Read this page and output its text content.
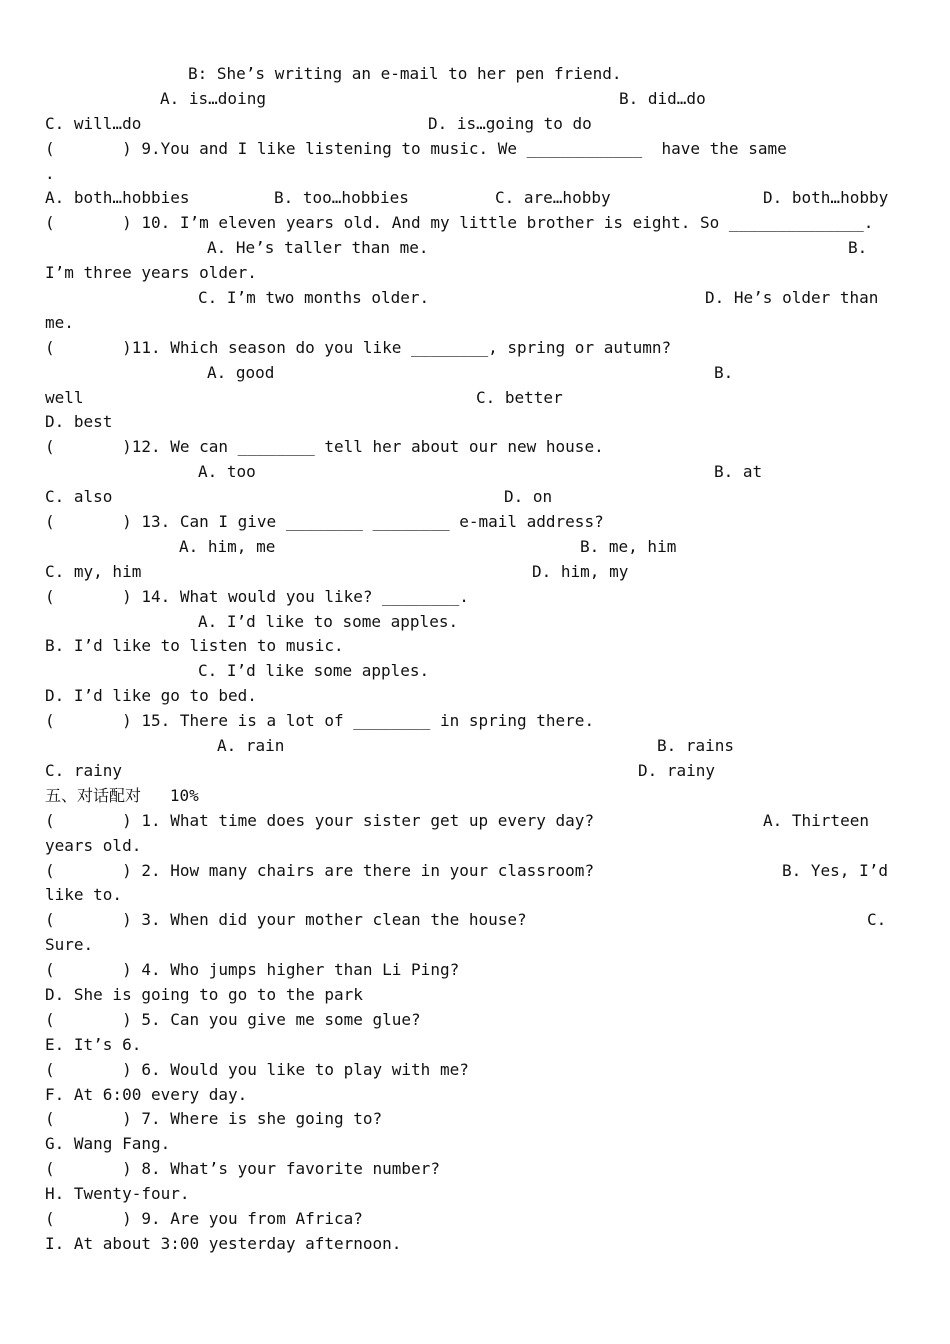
B: She’s writing an e-mail to her pen friend.
A. is…doing	B. did…do
C. will…do	D. is…going to do
(       ) 9.You and I like listening to music. We ____________  have the same
.
A. both…hobbies	B. too…hobbies	C. are…hobby	D. both…hobby
(       ) 10. I’m eleven years old. And my little brother is eight. So ______________.
A. He’s taller than me.	B.
I’m three years older.
C. I’m two months older.	D. He’s older than
me.
(       )11. Which season do you like ________, spring or autumn?
A. good	B.
well	C. better
D. best
(       )12. We can ________ tell her about our new house.
A. too	B. at
C. also	D. on
(       ) 13. Can I give ________ ________ e-mail address?
A. him, me	B. me, him
C. my, him	D. him, my
(       ) 14. What would you like? ________.
A. I’d like to some apples.
B. I’d like to listen to music.
C. I’d like some apples.
D. I’d like go to bed.
(       ) 15. There is a lot of ________ in spring there.
A. rain	B. rains
C. rainy	D. rainy
五、对话配对   10%
(       ) 1. What time does your sister get up every day?	A. Thirteen
years old.
(       ) 2. How many chairs are there in your classroom?	B. Yes, I’d
like to.
(       ) 3. When did your mother clean the house?	C.
Sure.
(       ) 4. Who jumps higher than Li Ping?
D. She is going to go to the park
(       ) 5. Can you give me some glue?
E. It’s 6.
(       ) 6. Would you like to play with me?
F. At 6:00 every day.
(       ) 7. Where is she going to?
G. Wang Fang.
(       ) 8. What’s your favorite number?
H. Twenty-four.
(       ) 9. Are you from Africa?
I. At about 3:00 yesterday afternoon.
